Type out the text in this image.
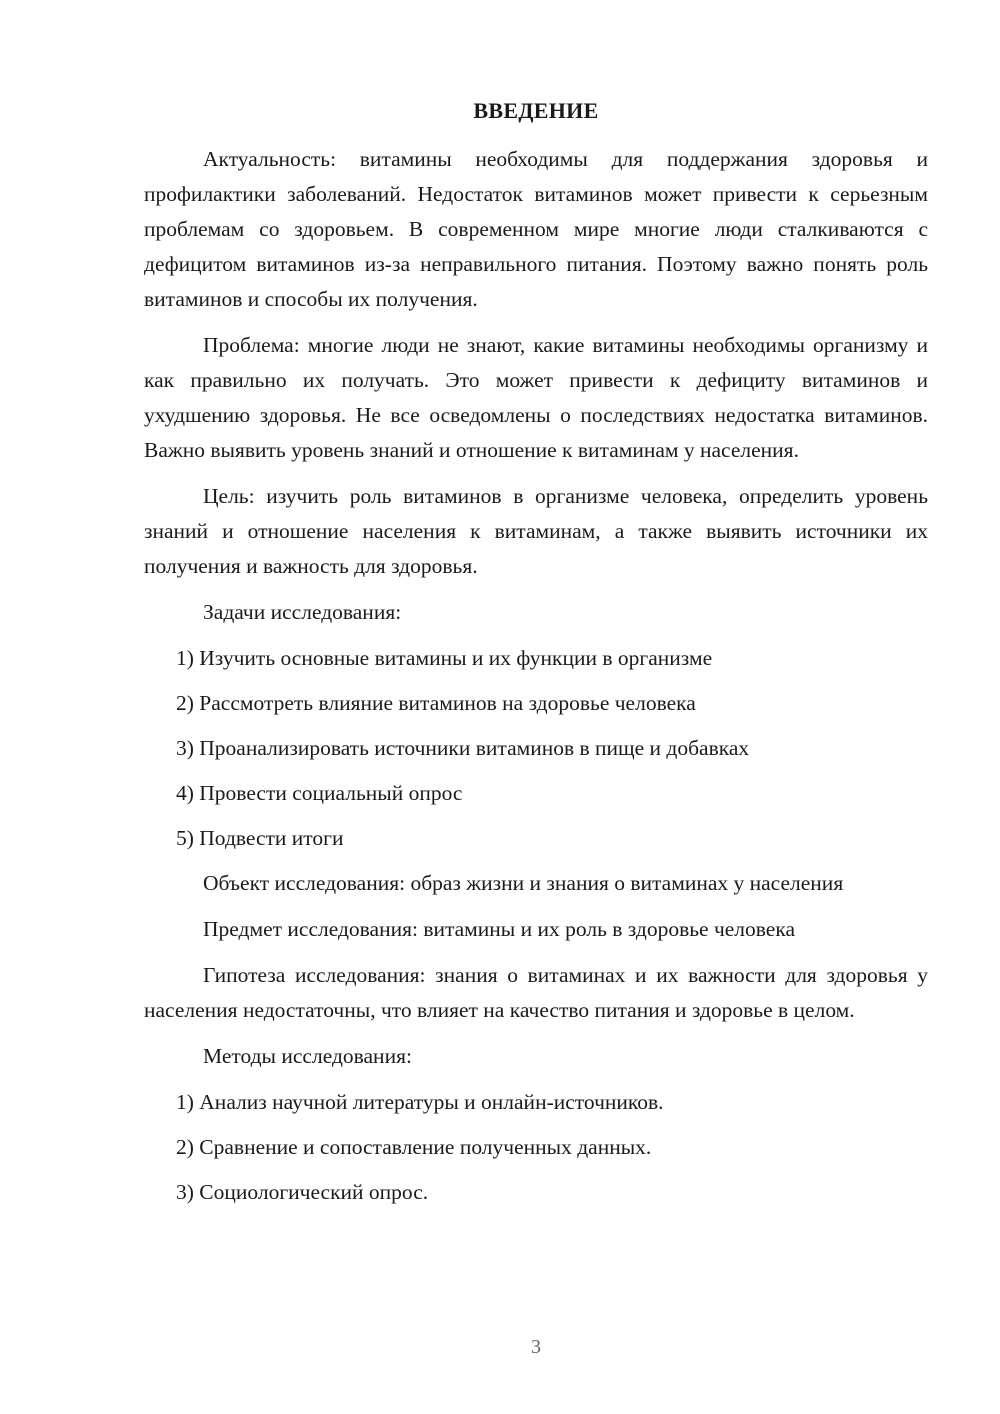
ВВЕДЕНИЕ

Актуальность: витамины необходимы для поддержания здоровья и профилактики заболеваний. Недостаток витаминов может привести к серьезным проблемам со здоровьем. В современном мире многие люди сталкиваются с дефицитом витаминов из-за неправильного питания. Поэтому важно понять роль витаминов и способы их получения.

Проблема: многие люди не знают, какие витамины необходимы организму и как правильно их получать. Это может привести к дефициту витаминов и ухудшению здоровья. Не все осведомлены о последствиях недостатка витаминов. Важно выявить уровень знаний и отношение к витаминам у населения.

Цель: изучить роль витаминов в организме человека, определить уровень знаний и отношение населения к витаминам, а также выявить источники их получения и важность для здоровья.

Задачи исследования:

1) Изучить основные витамины и их функции в организме

2) Рассмотреть влияние витаминов на здоровье человека

3) Проанализировать источники витаминов в пище и добавках

4) Провести социальный опрос

5) Подвести итоги

Объект исследования: образ жизни и знания о витаминах у населения

Предмет исследования: витамины и их роль в здоровье человека

Гипотеза исследования: знания о витаминах и их важности для здоровья у населения недостаточны, что влияет на качество питания и здоровье в целом.

Методы исследования:

1) Анализ научной литературы и онлайн-источников.

2) Сравнение и сопоставление полученных данных.

3) Социологический опрос.

3
